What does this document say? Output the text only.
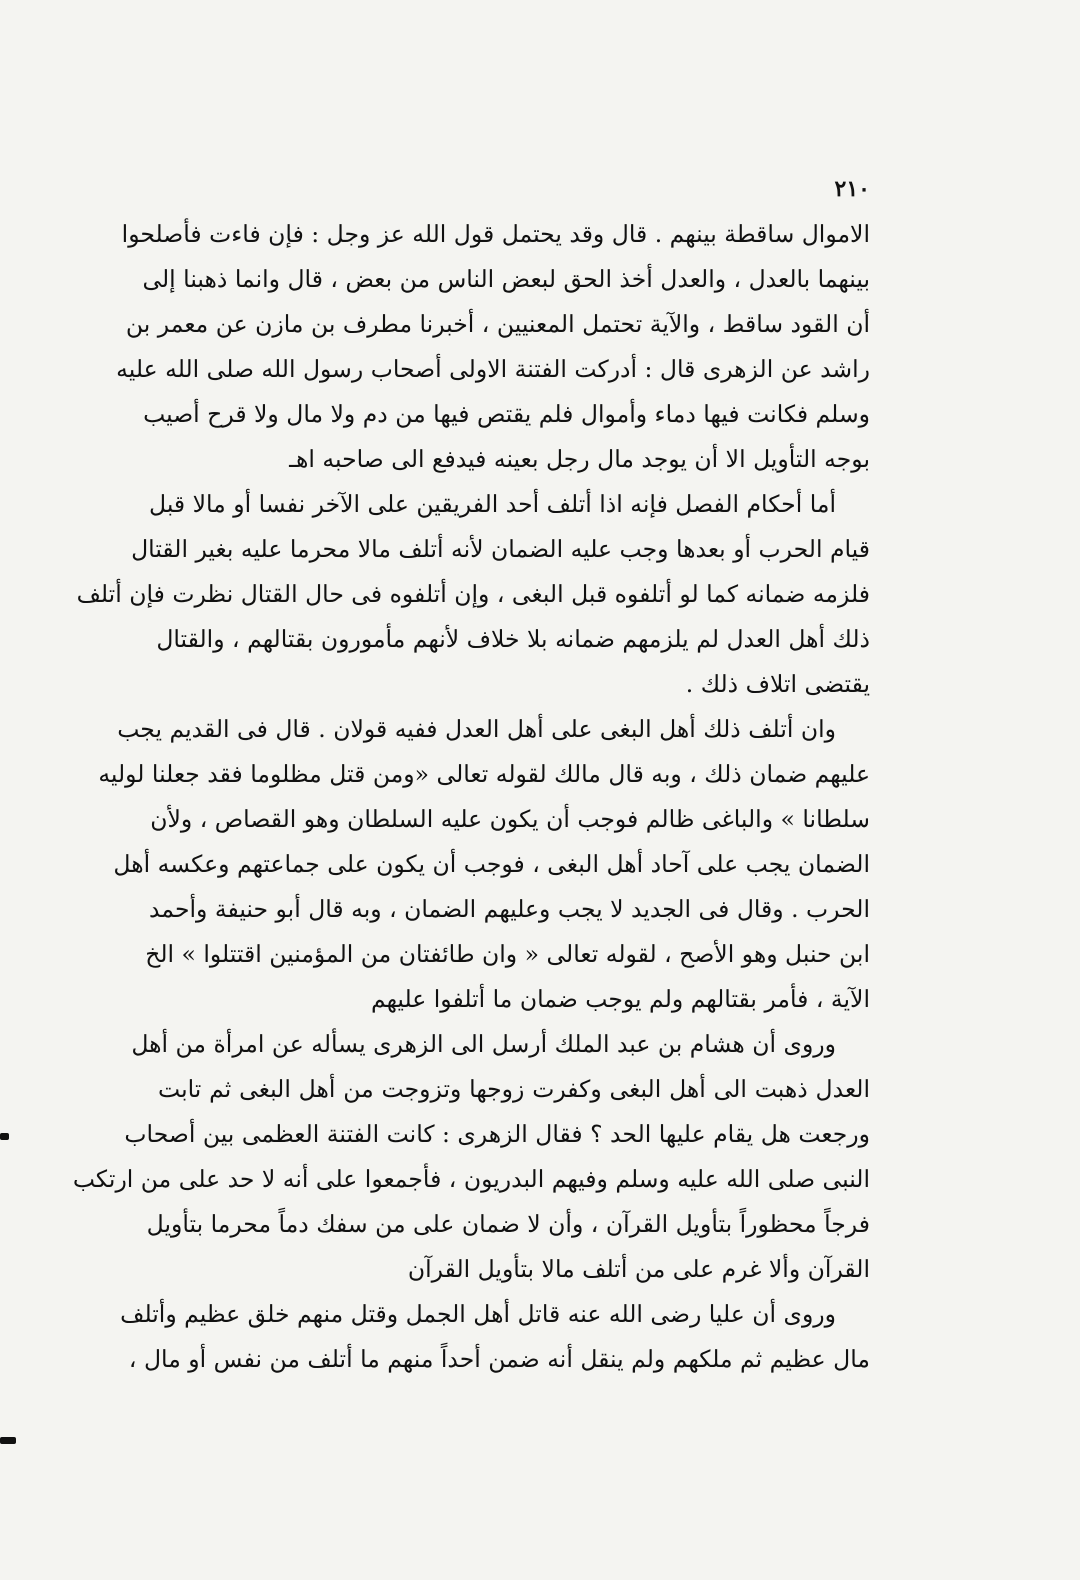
٢١٠
الاموال ساقطة بينهم . قال وقد يحتمل قول الله عز وجل : فإن فاءت فأصلحوا
بينهما بالعدل ، والعدل أخذ الحق لبعض الناس من بعض ، قال وانما ذهبنا إلى
أن القود ساقط ، والآية تحتمل المعنيين ، أخبرنا مطرف بن مازن عن معمر بن
راشد عن الزهرى قال : أدركت الفتنة الاولى أصحاب رسول الله صلى الله عليه
وسلم فكانت فيها دماء وأموال فلم يقتص فيها من دم ولا مال ولا قرح أصيب
بوجه التأويل الا أن يوجد مال رجل بعينه فيدفع الى صاحبه اهـ
أما أحكام الفصل فإنه اذا أتلف أحد الفريقين على الآخر نفسا أو مالا قبل
قيام الحرب أو بعدها وجب عليه الضمان لأنه أتلف مالا محرما عليه بغير القتال
فلزمه ضمانه كما لو أتلفوه قبل البغى ، وإن أتلفوه فى حال القتال نظرت فإن أتلف
ذلك أهل العدل لم يلزمهم ضمانه بلا خلاف لأنهم مأمورون بقتالهم ، والقتال
يقتضى اتلاف ذلك .
وان أتلف ذلك أهل البغى على أهل العدل ففيه قولان . قال فى القديم يجب
عليهم ضمان ذلك ، وبه قال مالك لقوله تعالى «ومن قتل مظلوما فقد جعلنا لوليه
سلطانا » والباغى ظالم فوجب أن يكون عليه السلطان وهو القصاص ، ولأن
الضمان يجب على آحاد أهل البغى ، فوجب أن يكون على جماعتهم وعكسه أهل
الحرب . وقال فى الجديد لا يجب وعليهم الضمان ، وبه قال أبو حنيفة وأحمد
ابن حنبل وهو الأصح ، لقوله تعالى « وان طائفتان من المؤمنين اقتتلوا » الخ
الآية ، فأمر بقتالهم ولم يوجب ضمان ما أتلفوا عليهم
وروى أن هشام بن عبد الملك أرسل الى الزهرى يسأله عن امرأة من أهل
العدل ذهبت الى أهل البغى وكفرت زوجها وتزوجت من أهل البغى ثم تابت
ورجعت هل يقام عليها الحد ؟ فقال الزهرى : كانت الفتنة العظمى بين أصحاب
النبى صلى الله عليه وسلم وفيهم البدريون ، فأجمعوا على أنه لا حد على من ارتكب
فرجاً محظوراً بتأويل القرآن ، وأن لا ضمان على من سفك دماً محرما بتأويل
القرآن وألا غرم على من أتلف مالا بتأويل القرآن
وروى أن عليا رضى الله عنه قاتل أهل الجمل وقتل منهم خلق عظيم وأتلف
مال عظيم ثم ملكهم ولم ينقل أنه ضمن أحداً منهم ما أتلف من نفس أو مال ،
